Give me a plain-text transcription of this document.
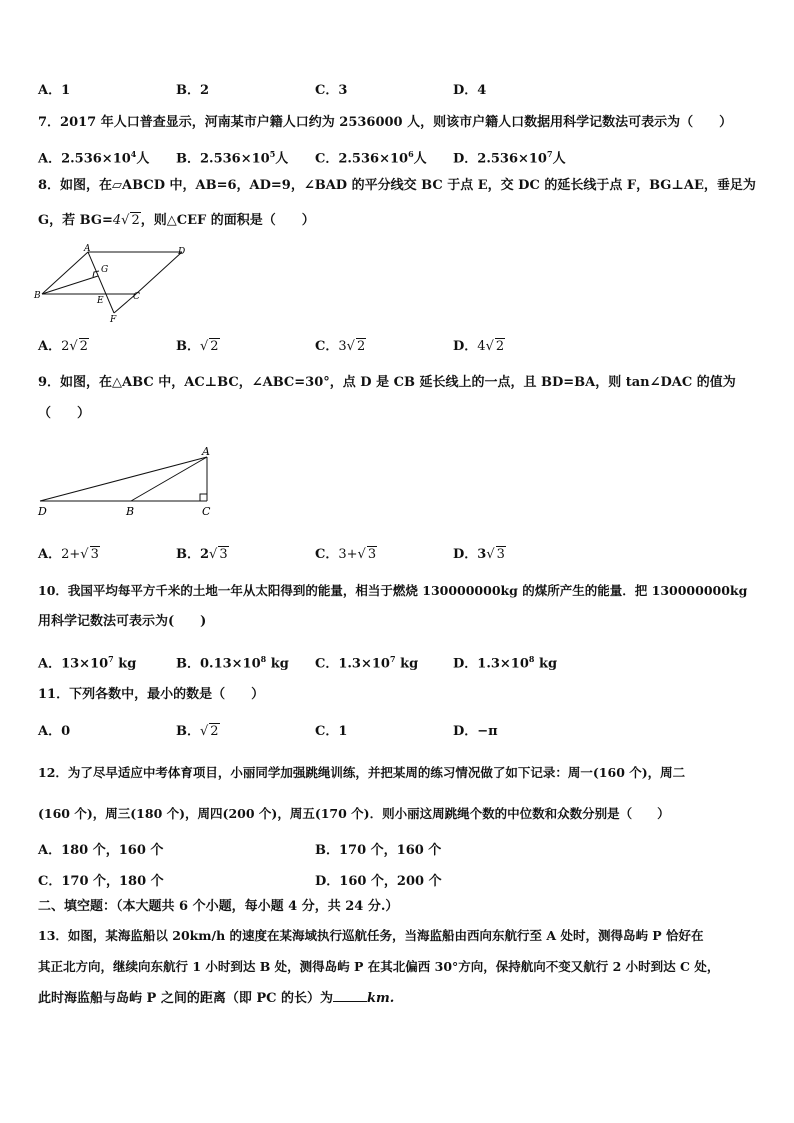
A．1	B．2	C．3	D．4
7．2017 年人口普查显示，河南某市户籍人口约为 2536000 人，则该市户籍人口数据用科学记数法可表示为（　　）
A．$2.536\times 10^4$人 B．$2.536\times 10^5$人 C．$2.536\times 10^6$人 D．$2.536\times 10^7$人
8．如图，在▱ABCD 中，AB=6，AD=9，∠BAD 的平分线交 BC 于点 E，交 DC 的延长线于点 F，BG⊥AE，垂足为
G，若 BG=4√ 2，则△CEF 的面积是（　　）
A	D
G
B	E	C
F
A．2√ 2	B．√ 2	C．3√ 2	D．4√ 2
9．如图，在△ABC 中，AC⊥BC，∠ABC=30°，点 D 是 CB 延长线上的一点，且 BD=BA，则 tan∠DAC 的值为
（　　）
A
D	B	C
A．2+√ 3	B．2√ 3	C．3+√ 3	D．3√ 3
10．我国平均每平方千米的土地一年从太阳得到的能量，相当于燃烧 130000000kg 的煤所产生的能量．把 130000000kg
用科学记数法可表示为(　　)
A．$13\times 10^7$ kg	B．$0.13\times 10^8$ kg C．$1.3\times 10^7$ kg	D．$1.3\times 10^8$ kg
11．下列各数中，最小的数是（　　）
A．0	B．√ 2	C．1	D．−π
12．为了尽早适应中考体育项目，小丽同学加强跳绳训练，并把某周的练习情况做了如下记录：周一(160 个)，周二
(160 个)，周三(180 个)，周四(200 个)，周五(170 个)．则小丽这周跳绳个数的中位数和众数分别是（　　）
A．180 个，160 个	B．170 个，160 个
C．170 个，180 个	D．160 个，200 个
二、填空题：（本大题共 6 个小题，每小题 4 分，共 24 分.）
13．如图，某海监船以 20km/h 的速度在某海域执行巡航任务，当海监船由西向东航行至 A 处时，测得岛屿 P 恰好在
其正北方向，继续向东航行 1 小时到达 B 处，测得岛屿 P 在其北偏西 30°方向，保持航向不变又航行 2 小时到达 C 处，
此时海监船与岛屿 P 之间的距离（即 PC 的长）为	km.
